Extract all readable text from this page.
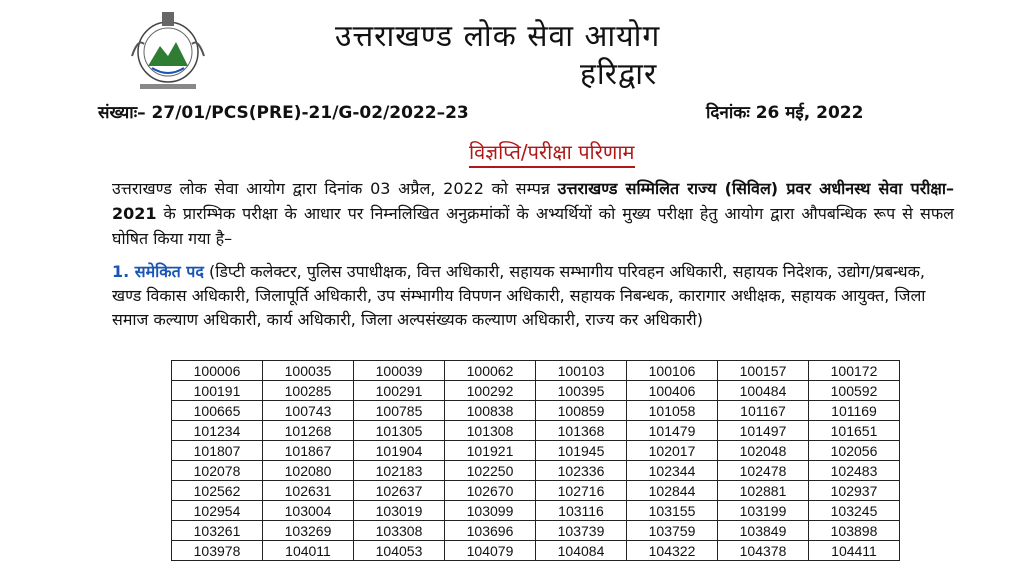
उत्तराखण्ड लोक सेवा आयोग
हरिद्वार
संख्याः– 27/01/PCS(PRE)-21/G-02/2022–23	दिनांकः 26 मई, 2022
विज्ञप्ति/परीक्षा परिणाम
उत्तराखण्ड लोक सेवा आयोग द्वारा दिनांक 03 अप्रैल, 2022 को सम्पन्न उत्तराखण्ड सम्मिलित राज्य (सिविल) प्रवर अधीनस्थ सेवा परीक्षा– 2021 के प्रारम्भिक परीक्षा के आधार पर निम्नलिखित अनुक्रमांकों के अभ्यर्थियों को मुख्य परीक्षा हेतु आयोग द्वारा औपबन्धिक रूप से सफल घोषित किया गया है–
1. समेकित पद (डिप्टी कलेक्टर, पुलिस उपाधीक्षक, वित्त अधिकारी, सहायक सम्भागीय परिवहन अधिकारी, सहायक निदेशक, उद्योग/प्रबन्धक, खण्ड विकास अधिकारी, जिलापूर्ति अधिकारी, उप संम्भागीय विपणन अधिकारी, सहायक निबन्धक, कारागार अधीक्षक, सहायक आयुक्त, जिला समाज कल्याण अधिकारी, कार्य अधिकारी, जिला अल्पसंख्यक कल्याण अधिकारी, राज्य कर अधिकारी)
100006	100035	100039	100062	100103	100106	100157	100172
100191	100285	100291	100292	100395	100406	100484	100592
100665	100743	100785	100838	100859	101058	101167	101169
101234	101268	101305	101308	101368	101479	101497	101651
101807	101867	101904	101921	101945	102017	102048	102056
102078	102080	102183	102250	102336	102344	102478	102483
102562	102631	102637	102670	102716	102844	102881	102937
102954	103004	103019	103099	103116	103155	103199	103245
103261	103269	103308	103696	103739	103759	103849	103898
103978	104011	104053	104079	104084	104322	104378	104411
